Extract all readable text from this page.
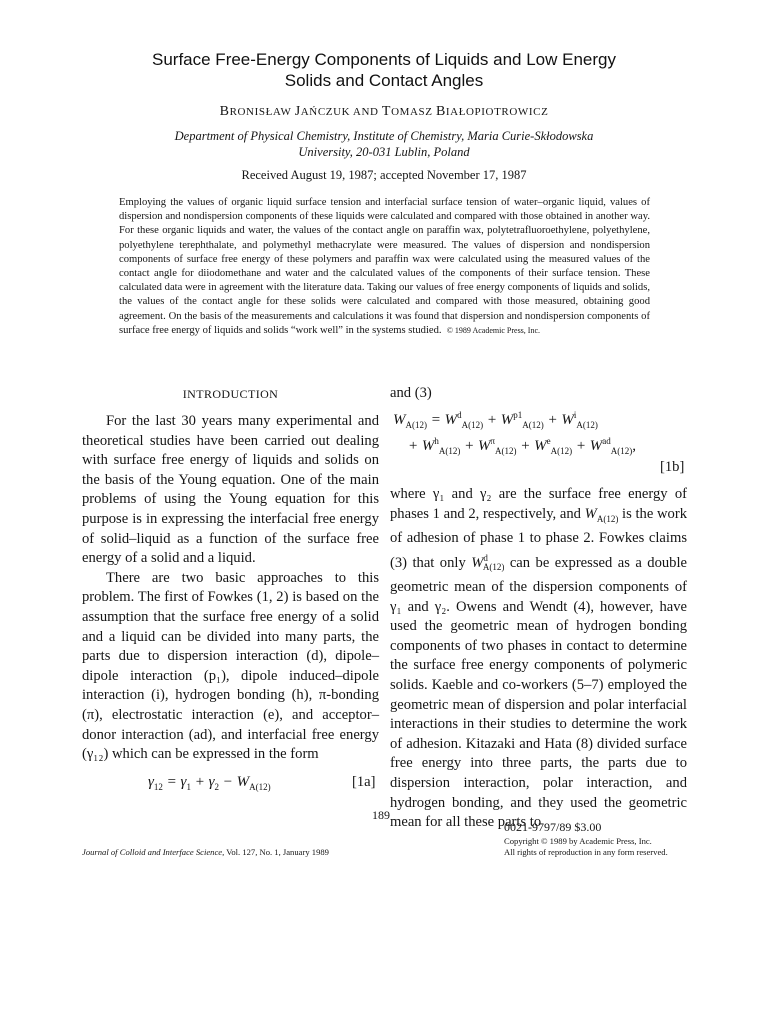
Surface Free-Energy Components of Liquids and Low Energy
Solids and Contact Angles
BRONISŁAW JAŃCZUK AND TOMASZ BIAŁOPIOTROWICZ
Department of Physical Chemistry, Institute of Chemistry, Maria Curie-Skłodowska
University, 20-031 Lublin, Poland
Received August 19, 1987; accepted November 17, 1987
Employing the values of organic liquid surface tension and interfacial surface tension of water–organic liquid, values of dispersion and nondispersion components of these liquids were calculated and compared with those obtained in another way. For these organic liquids and water, the values of the contact angle on paraffin wax, polytetrafluoroethylene, polyethylene, polyethylene terephthalate, and polymethyl methacrylate were measured. The values of dispersion and nondispersion components of surface free energy of these polymers and paraffin wax were calculated using the measured values of the contact angle for diiodomethane and water and the calculated values of the components of their surface tension. These calculated data were in agreement with the literature data. Taking our values of free energy components of liquids and solids, the values of the contact angle for these solids were calculated and compared with those measured, obtaining good agreement. On the basis of the measurements and calculations it was found that dispersion and nondispersion components of surface free energy of liquids and solids “work well” in the systems studied. © 1989 Academic Press, Inc.
INTRODUCTION

For the last 30 years many experimental and theoretical studies have been carried out dealing with surface free energy of liquids and solids on the basis of the Young equation. One of the main problems of using the Young equation for this purpose is in expressing the interfacial free energy of solid–liquid as a function of the surface free energy of a solid and a liquid.

There are two basic approaches to this problem. The first of Fowkes (1, 2) is based on the assumption that the surface free energy of a solid and a liquid can be divided into many parts, the parts due to dispersion interaction (d), dipole–dipole interaction (p₁), dipole induced–dipole interaction (i), hydrogen bonding (h), π-bonding (π), electrostatic interaction (e), and acceptor–donor interaction (ad), and interfacial free energy (γ₁₂) which can be expressed in the form

$\gamma_{12} = \gamma_1 + \gamma_2 - W_{A(12)}$	[1a]
and (3)
$W_{A(12)} = W^d_{A(12)} + W^{p1}_{A(12)} + W^i_{A(12)}$
+ $W^h_{A(12)} + W^\pi_{A(12)} + W^e_{A(12)} + W^{ad}_{A(12)}$,
[1b]

where γ₁ and γ₂ are the surface free energy of phases 1 and 2, respectively, and $W_{A(12)}$ is the work of adhesion of phase 1 to phase 2. Fowkes claims (3) that only $W^d_{A(12)}$ can be expressed as a double geometric mean of the dispersion components of γ₁ and γ₂. Owens and Wendt (4), however, have used the geometric mean of hydrogen bonding components of two phases in contact to determine the surface free energy components of polymeric solids. Kaeble and co-workers (5–7) employed the geometric mean of dispersion and polar interfacial interactions in their studies to determine the work of adhesion. Kitazaki and Hata (8) divided surface free energy into three parts, the parts due to dispersion interaction, polar interaction, and hydrogen bonding, and they used the geometric mean for all these parts to

189
0021-9797/89 $3.00
Copyright © 1989 by Academic Press, Inc.
All rights of reproduction in any form reserved.
Journal of Colloid and Interface Science, Vol. 127, No. 1, January 1989
